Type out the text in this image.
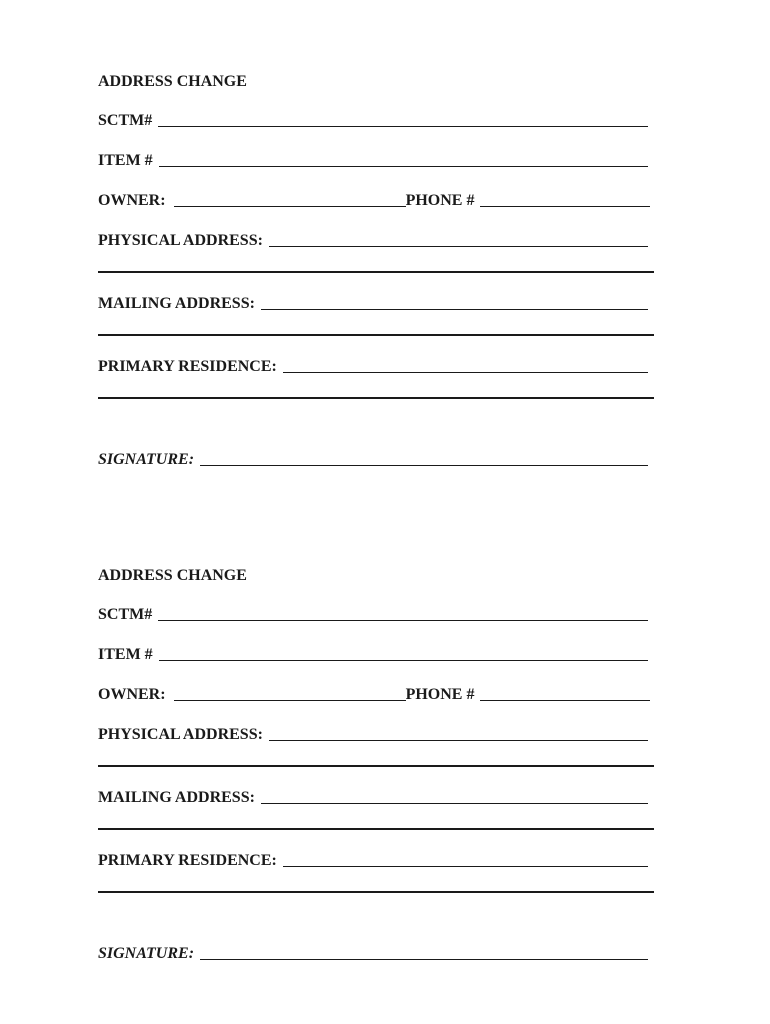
ADDRESS CHANGE
SCTM#
ITEM #
OWNER:	PHONE #
PHYSICAL ADDRESS:
MAILING ADDRESS:
PRIMARY RESIDENCE:
SIGNATURE:
ADDRESS CHANGE
SCTM#
ITEM #
OWNER:	PHONE #
PHYSICAL ADDRESS:
MAILING ADDRESS:
PRIMARY RESIDENCE:
SIGNATURE:
